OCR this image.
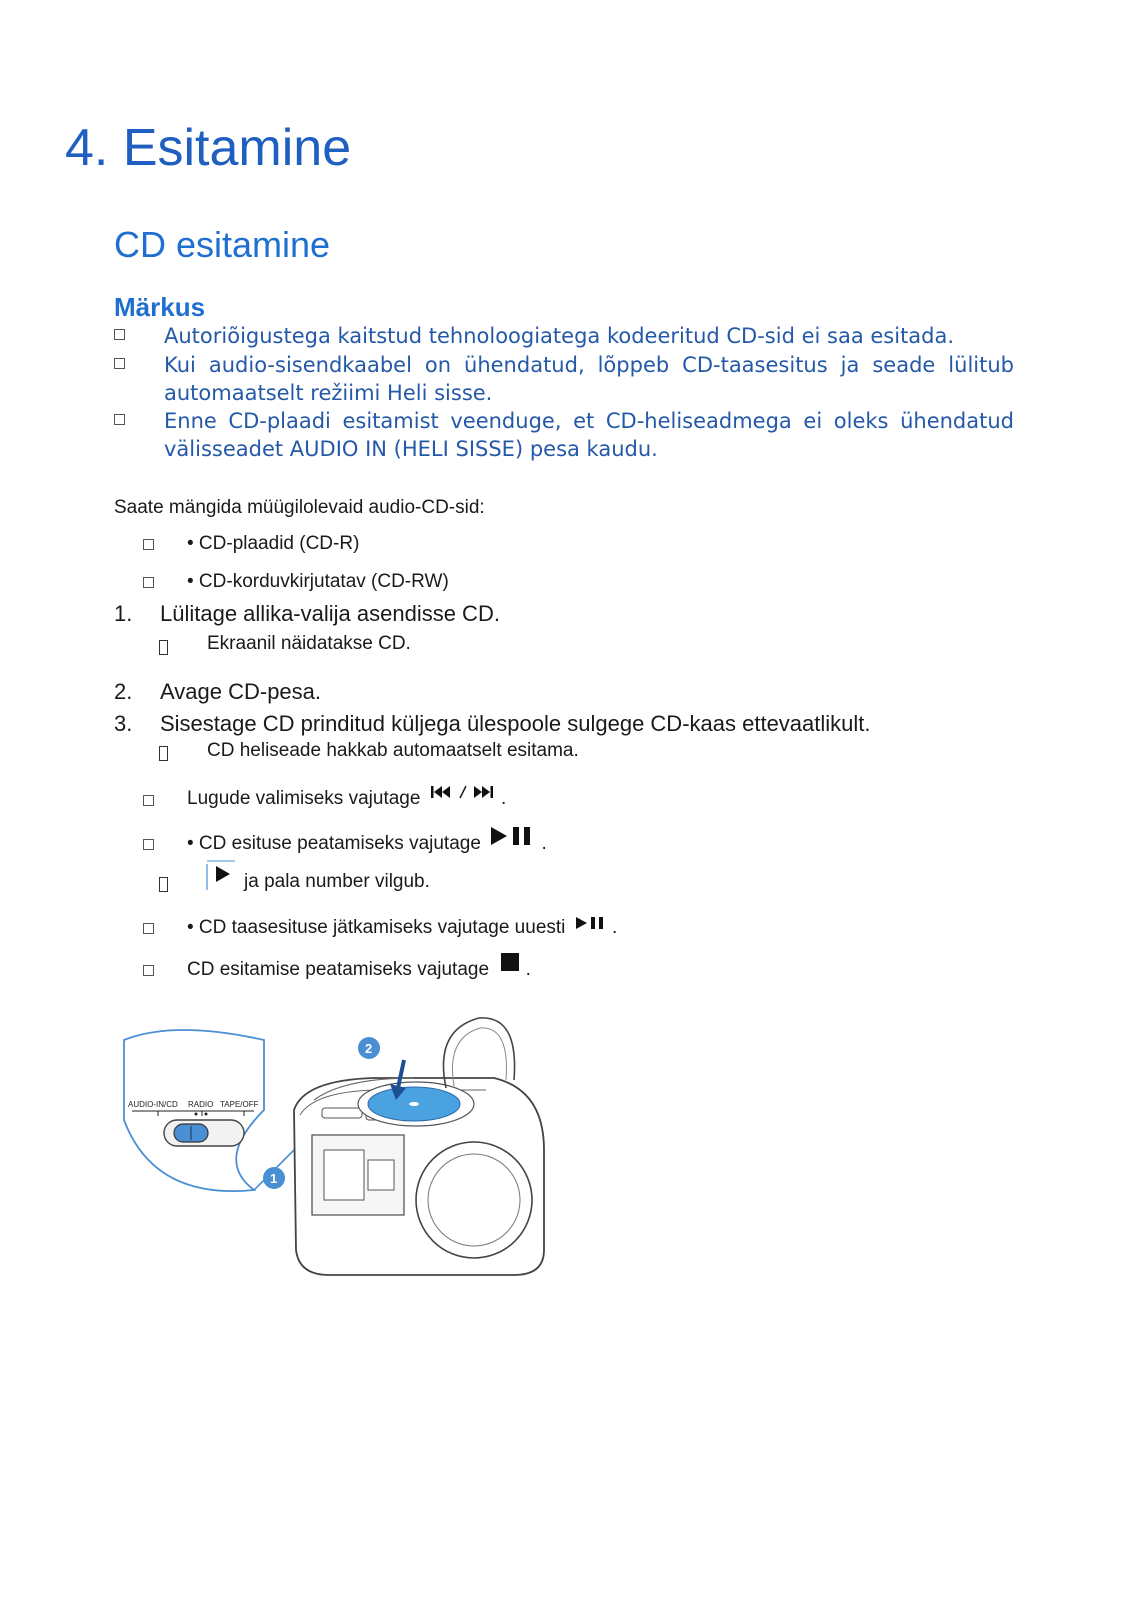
4. Esitamine
CD esitamine
Märkus
Autoriõigustega kaitstud tehnoloogiatega kodeeritud CD-sid ei saa esitada.
Kui audio-sisendkaabel on ühendatud, lõppeb CD-taasesitus ja seade lülitub automaatselt režiimi Heli sisse.
Enne CD-plaadi esitamist veenduge, et CD-heliseadmega ei oleks ühendatud välisseadet AUDIO IN (HELI SISSE) pesa kaudu.
Saate mängida müügilolevaid audio-CD-sid:
• CD-plaadid (CD-R)
• CD-korduvkirjutatav (CD-RW)
1. Lülitage allika-valija asendisse CD.
Ekraanil näidatakse CD.
2. Avage CD-pesa.
3. Sisestage CD prinditud küljega ülespoole sulgege CD-kaas ettevaatlikult.
CD heliseade hakkab automaatselt esitama.
Lugude valimiseks vajutage	.
• CD esituse peatamiseks vajutage	.
ja pala number vilgub.
• CD taasesituse jätkamiseks vajutage uuesti .
CD esitamise peatamiseks vajutage .
AUDIO-IN/CD RADIO TAPE/OFF
1
2
